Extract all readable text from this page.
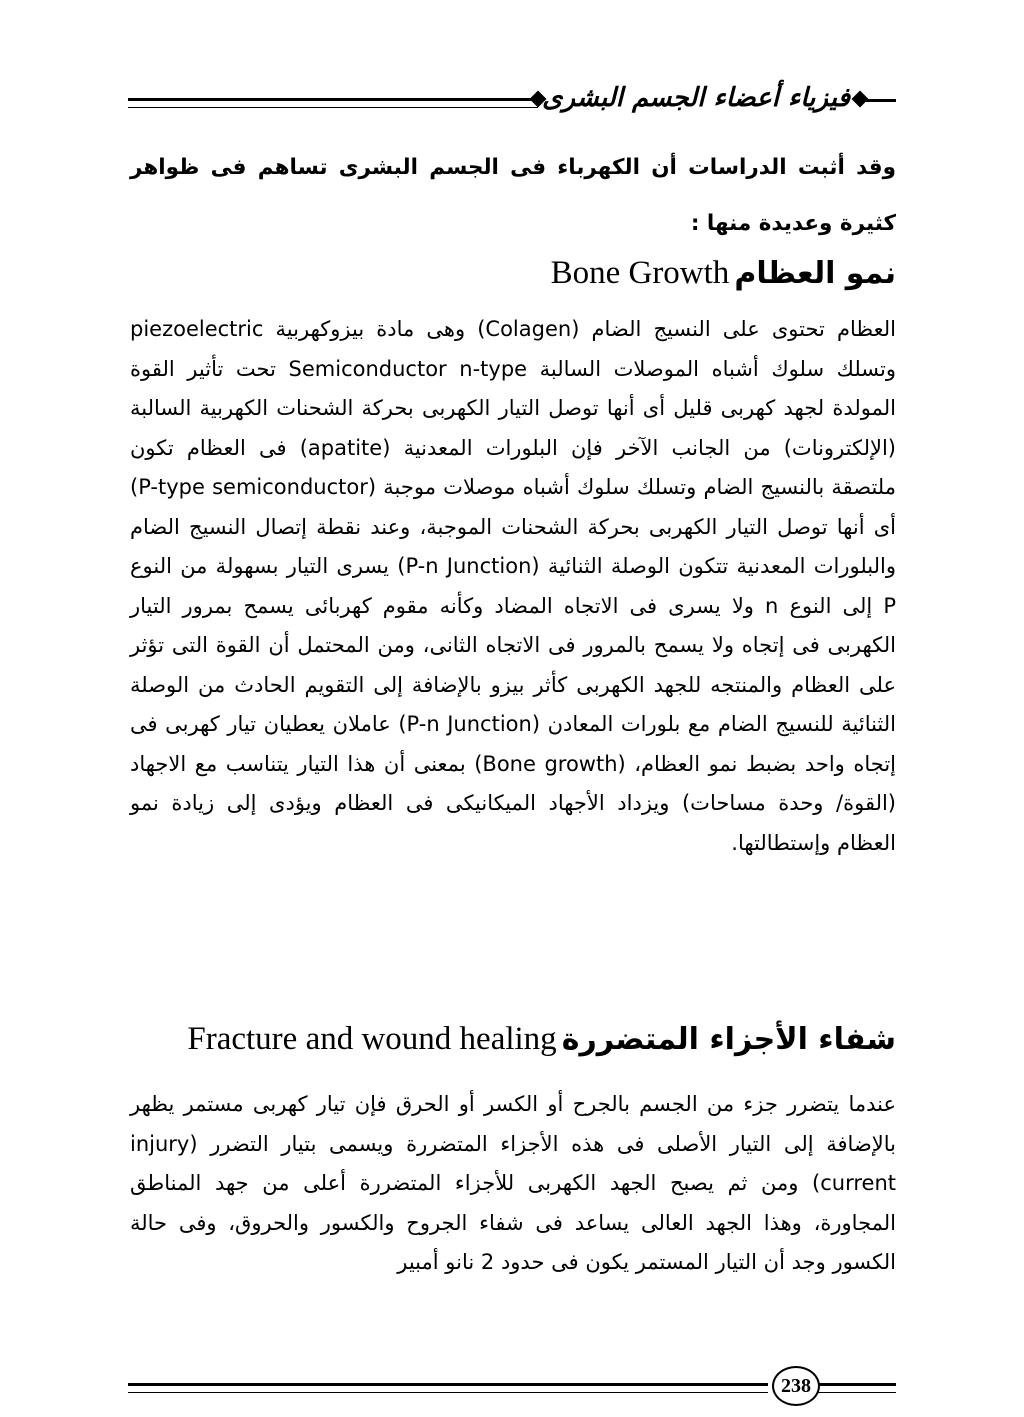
فيزياء أعضاء الجسم البشرى
وقد أثبت الدراسات أن الكهرباء فى الجسم البشرى تساهم فى ظواهر كثيرة وعديدة منها :
نمو العظام Bone Growth

العظام تحتوى على النسيج الضام (Colagen) وهى مادة بيزوكهربية piezoelectric وتسلك سلوك أشباه الموصلات السالبة Semiconductor n-type تحت تأثير القوة المولدة لجهد كهربى قليل أى أنها توصل التيار الكهربى بحركة الشحنات الكهربية السالبة (الإلكترونات) من الجانب الآخر فإن البلورات المعدنية (apatite) فى العظام تكون ملتصقة بالنسيج الضام وتسلك سلوك أشباه موصلات موجبة (P-type semiconductor) أى أنها توصل التيار الكهربى بحركة الشحنات الموجبة، وعند نقطة إتصال النسيج الضام والبلورات المعدنية تتكون الوصلة الثنائية (P-n Junction) يسرى التيار بسهولة من النوع P إلى النوع n ولا يسرى فى الاتجاه المضاد وكأنه مقوم كهربائى يسمح بمرور التيار الكهربى فى إتجاه ولا يسمح بالمرور فى الاتجاه الثانى، ومن المحتمل أن القوة التى تؤثر على العظام والمنتجه للجهد الكهربى كأثر بيزو بالإضافة إلى التقويم الحادث من الوصلة الثنائية للنسيج الضام مع بلورات المعادن (P-n Junction) عاملان يعطيان تيار كهربى فى إتجاه واحد بضبط نمو العظام، (Bone growth) بمعنى أن هذا التيار يتناسب مع الاجهاد (القوة/ وحدة مساحات) ويزداد الأجهاد الميكانيكى فى العظام ويؤدى إلى زيادة نمو العظام وإستطالتها.

شفاء الأجزاء المتضررة Fracture and wound healing

عندما يتضرر جزء من الجسم بالجرح أو الكسر أو الحرق فإن تيار كهربى مستمر يظهر بالإضافة إلى التيار الأصلى فى هذه الأجزاء المتضررة ويسمى بتيار التضرر (injury current) ومن ثم يصبح الجهد الكهربى للأجزاء المتضررة أعلى من جهد المناطق المجاورة، وهذا الجهد العالى يساعد فى شفاء الجروح والكسور والحروق، وفى حالة الكسور وجد أن التيار المستمر يكون فى حدود 2 نانو أمبير

238
